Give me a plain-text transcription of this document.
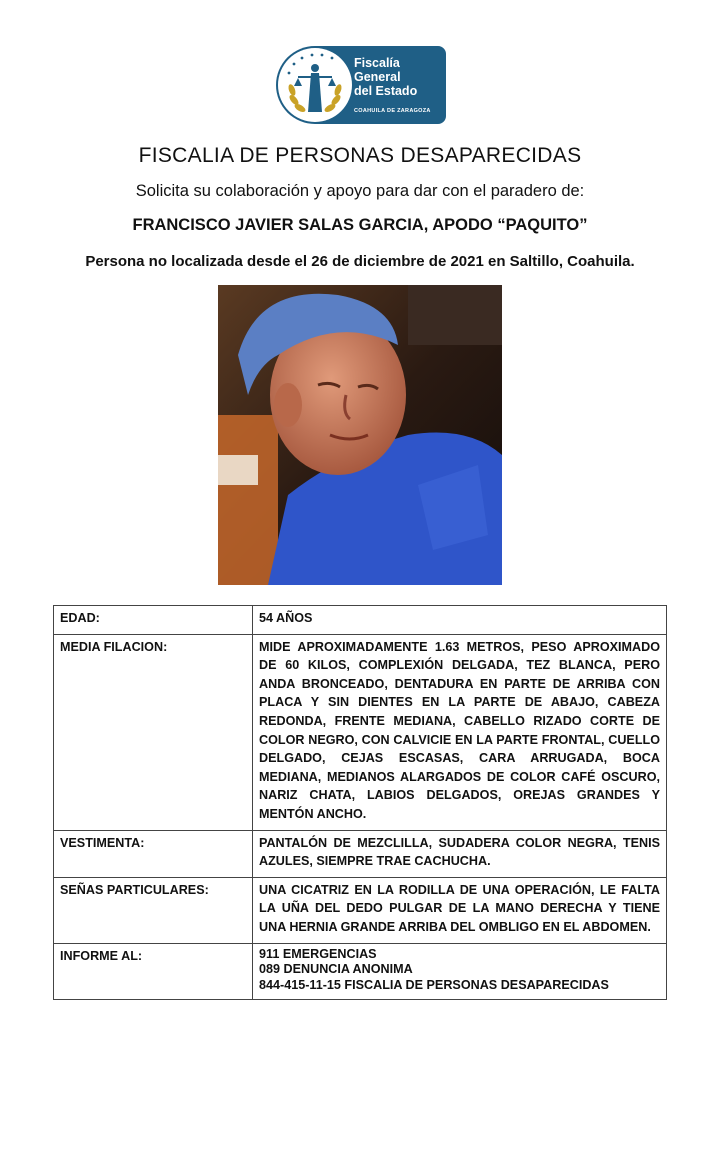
Fiscalía
General
del Estado
COAHUILA DE ZARAGOZA
FISCALIA DE PERSONAS DESAPARECIDAS
Solicita su colaboración y apoyo para dar con el paradero de:
FRANCISCO JAVIER SALAS GARCIA, APODO “PAQUITO”
Persona no localizada desde el 26 de diciembre de 2021 en Saltillo, Coahuila.
EDAD:	54 AÑOS
MEDIA FILACION:	MIDE APROXIMADAMENTE 1.63 METROS, PESO APROXIMADO DE 60 KILOS, COMPLEXIÓN DELGADA, TEZ BLANCA, PERO ANDA BRONCEADO, DENTADURA EN PARTE DE ARRIBA CON PLACA Y SIN DIENTES EN LA PARTE DE ABAJO, CABEZA REDONDA, FRENTE MEDIANA, CABELLO RIZADO CORTE DE COLOR NEGRO, CON CALVICIE EN LA PARTE FRONTAL, CUELLO DELGADO, CEJAS ESCASAS, CARA ARRUGADA, BOCA MEDIANA, MEDIANOS ALARGADOS DE COLOR CAFÉ OSCURO, NARIZ CHATA, LABIOS DELGADOS, OREJAS GRANDES Y MENTÓN ANCHO.
VESTIMENTA:	PANTALÓN DE MEZCLILLA, SUDADERA COLOR NEGRA, TENIS AZULES, SIEMPRE TRAE CACHUCHA.
SEÑAS PARTICULARES:	UNA CICATRIZ EN LA RODILLA DE UNA OPERACIÓN, LE FALTA LA UÑA DEL DEDO PULGAR DE LA MANO DERECHA Y TIENE UNA HERNIA GRANDE ARRIBA DEL OMBLIGO EN EL ABDOMEN.
INFORME AL:	911 EMERGENCIAS
089 DENUNCIA ANONIMA
844-415-11-15 FISCALIA DE PERSONAS DESAPARECIDAS
